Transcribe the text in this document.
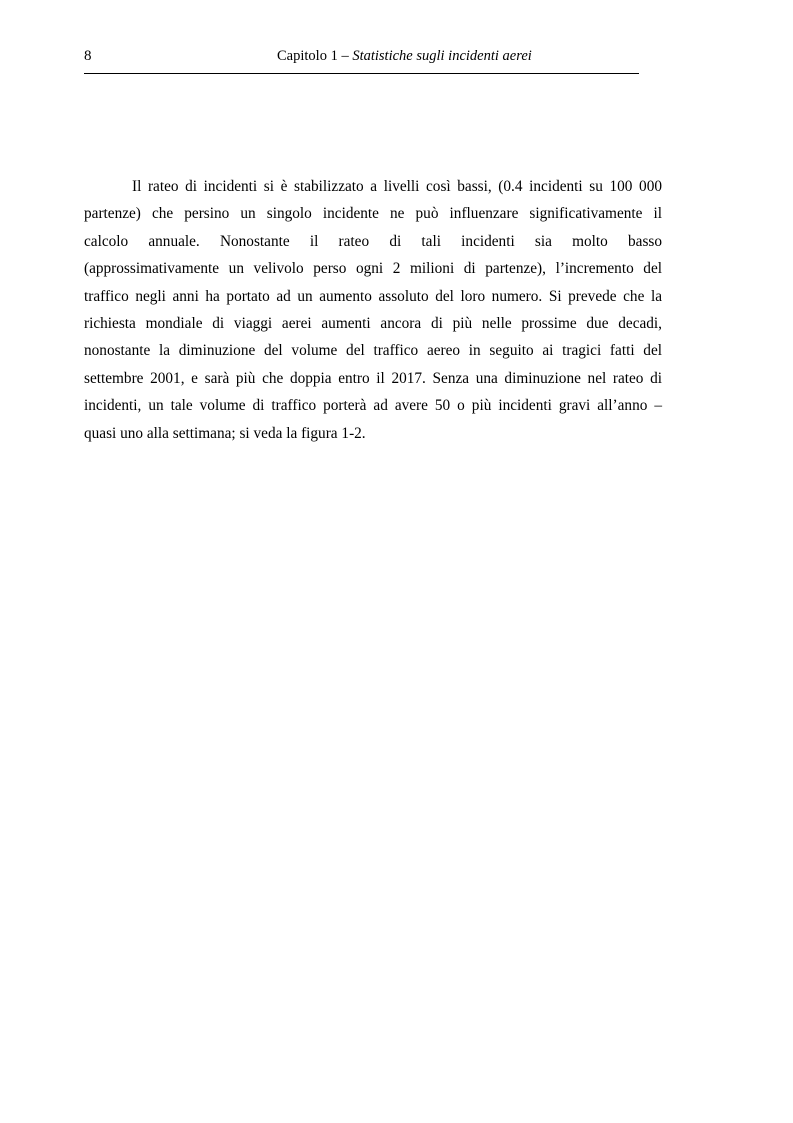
8	Capitolo 1 – Statistiche sugli incidenti aerei
Il rateo di incidenti si è stabilizzato a livelli così bassi, (0.4 incidenti su 100 000
partenze) che persino un singolo incidente ne può influenzare significativamente il
calcolo annuale. Nonostante il rateo di tali incidenti sia molto basso
(approssimativamente un velivolo perso ogni 2 milioni di partenze), l’incremento del
traffico negli anni ha portato ad un aumento assoluto del loro numero. Si prevede che la
richiesta mondiale di viaggi aerei aumenti ancora di più nelle prossime due decadi,
nonostante la diminuzione del volume del traffico aereo in seguito ai tragici fatti del
settembre 2001, e sarà più che doppia entro il 2017. Senza una diminuzione nel rateo di
incidenti, un tale volume di traffico porterà ad avere 50 o più incidenti gravi all’anno –
quasi uno alla settimana; si veda la figura 1-2.
